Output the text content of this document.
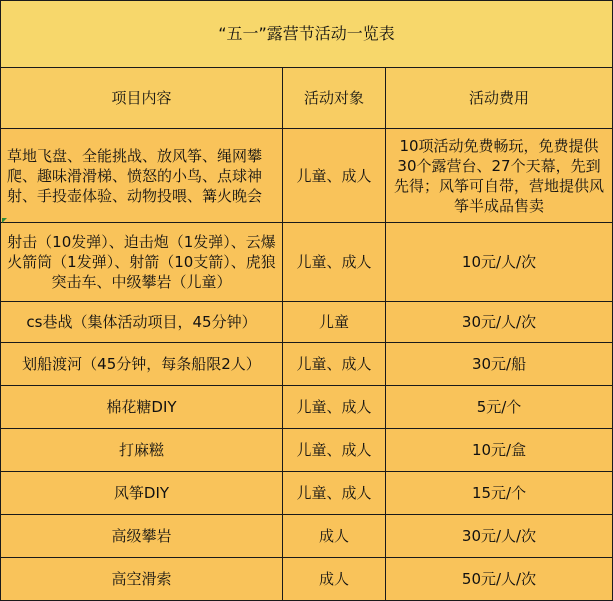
“五一”露营节活动一览表		
项目内容	活动对象	活动费用
草地飞盘、全能挑战、放风筝、绳网攀爬、趣味滑滑梯、愤怒的小鸟、点球神射、手投壶体验、动物投喂、篝火晚会	儿童、成人	10项活动免费畅玩，免费提供30个露营台、27个天幕，先到先得；风筝可自带，营地提供风筝半成品售卖
射击（10发弹）、迫击炮（1发弹）、云爆火箭筒（1发弹）、射箭（10支箭）、虎狼突击车、中级攀岩（儿童）	儿童、成人	10元/人/次
cs巷战（集体活动项目，45分钟）	儿童	30元/人/次
划船渡河（45分钟，每条船限2人）	儿童、成人	30元/船
棉花糖DIY	儿童、成人	5元/个
打麻糍	儿童、成人	10元/盒
风筝DIY	儿童、成人	15元/个
高级攀岩	成人	30元/人/次
高空滑索	成人	50元/人/次
